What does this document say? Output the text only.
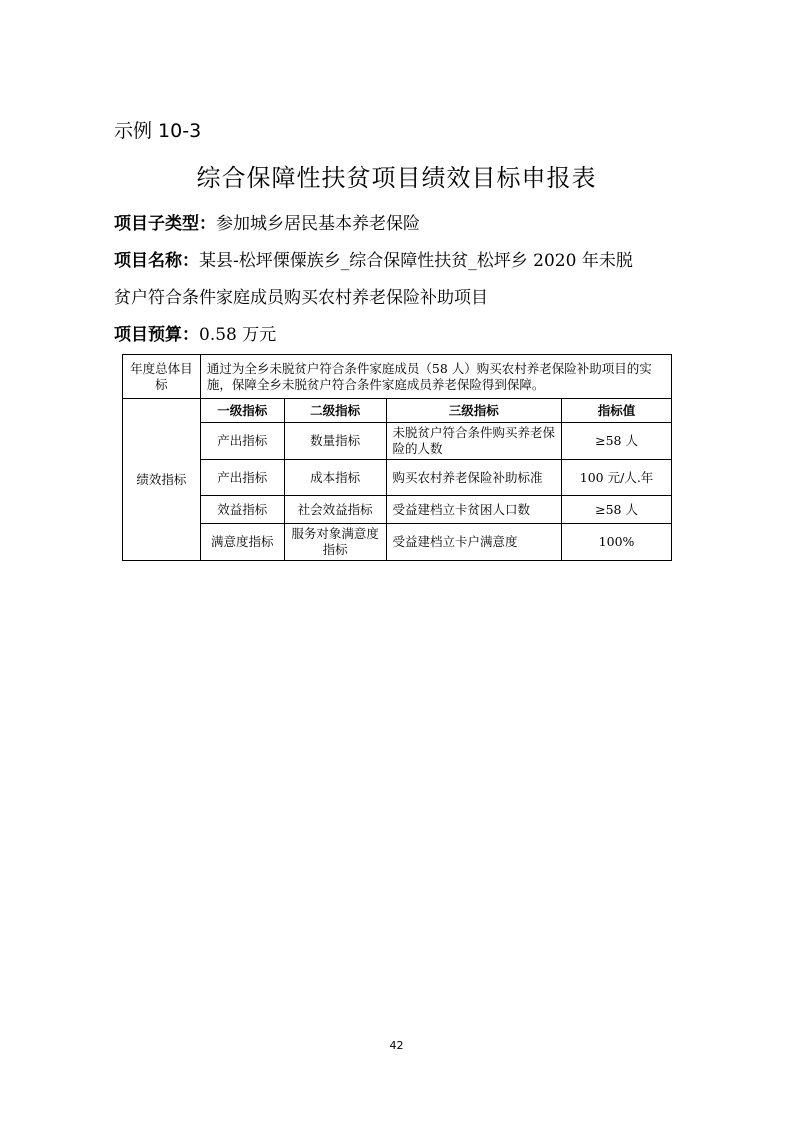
示例 10-3
综合保障性扶贫项目绩效目标申报表
项目子类型：参加城乡居民基本养老保险
项目名称：某县-松坪傈僳族乡_综合保障性扶贫_松坪乡 2020 年未脱
贫户符合条件家庭成员购买农村养老保险补助项目
项目预算：0.58 万元
年度总体目标	通过为全乡未脱贫户符合条件家庭成员（58 人）购买农村养老保险补助项目的实施，保障全乡未脱贫户符合条件家庭成员养老保险得到保障。			
绩效指标	一级指标	二级指标	三级指标	指标值
	产出指标	数量指标	未脱贫户符合条件购买养老保险的人数	≥58 人
	产出指标	成本指标	购买农村养老保险补助标准	100 元/人.年
	效益指标	社会效益指标	受益建档立卡贫困人口数	≥58 人
	满意度指标	服务对象满意度指标	受益建档立卡户满意度	100%
42
